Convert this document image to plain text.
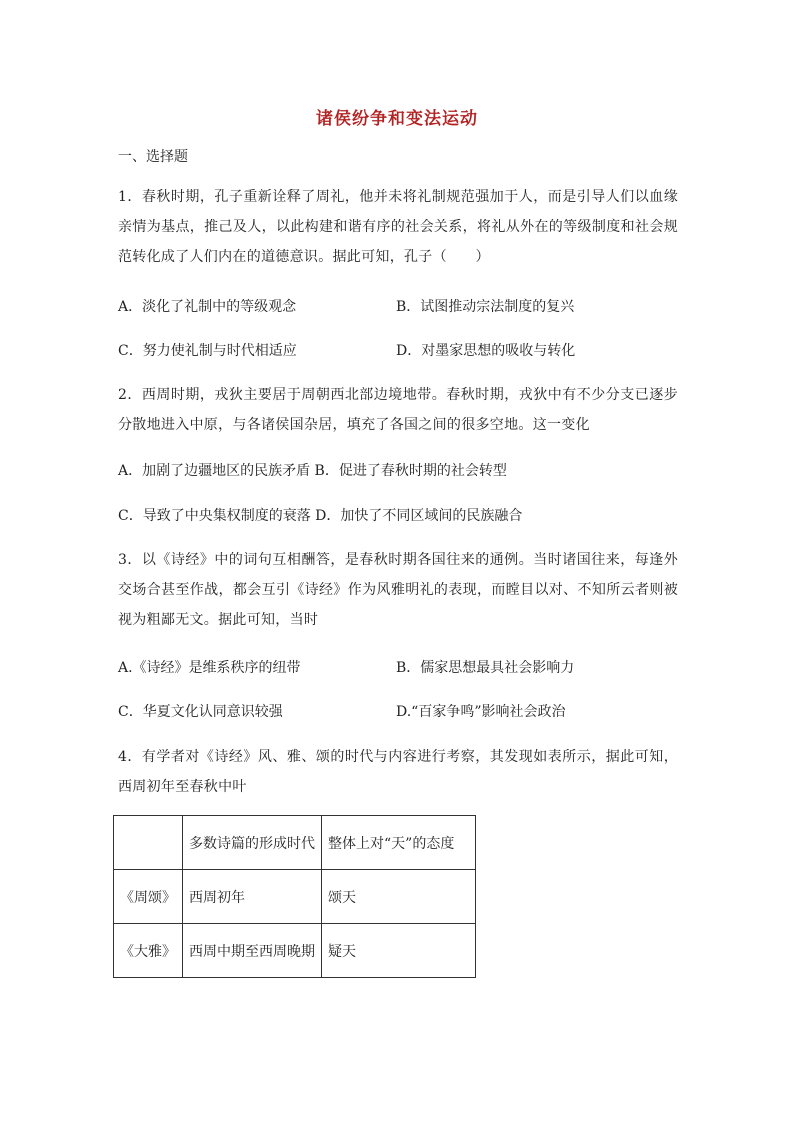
诸侯纷争和变法运动
一、选择题
1．春秋时期，孔子重新诠释了周礼，他并未将礼制规范强加于人，而是引导人们以血缘亲情为基点，推己及人，以此构建和谐有序的社会关系，将礼从外在的等级制度和社会规范转化成了人们内在的道德意识。据此可知，孔子（　　）
A．淡化了礼制中的等级观念	B．试图推动宗法制度的复兴
C．努力使礼制与时代相适应	D．对墨家思想的吸收与转化
2．西周时期，戎狄主要居于周朝西北部边境地带。春秋时期，戎狄中有不少分支已逐步分散地进入中原，与各诸侯国杂居，填充了各国之间的很多空地。这一变化
A．加剧了边疆地区的民族矛盾 B．促进了春秋时期的社会转型
C．导致了中央集权制度的衰落 D．加快了不同区域间的民族融合
3．以《诗经》中的词句互相酬答，是春秋时期各国往来的通例。当时诸国往来，每逢外交场合甚至作战，都会互引《诗经》作为风雅明礼的表现，而瞠目以对、不知所云者则被视为粗鄙无文。据此可知，当时
A.《诗经》是维系秩序的纽带	B．儒家思想最具社会影响力
C．华夏文化认同意识较强	D.“百家争鸣”影响社会政治
4．有学者对《诗经》风、雅、颂的时代与内容进行考察，其发现如表所示，据此可知，西周初年至春秋中叶
	多数诗篇的形成时代	整体上对“天”的态度
《周颂》	西周初年	颂天
《大雅》	西周中期至西周晚期	疑天
